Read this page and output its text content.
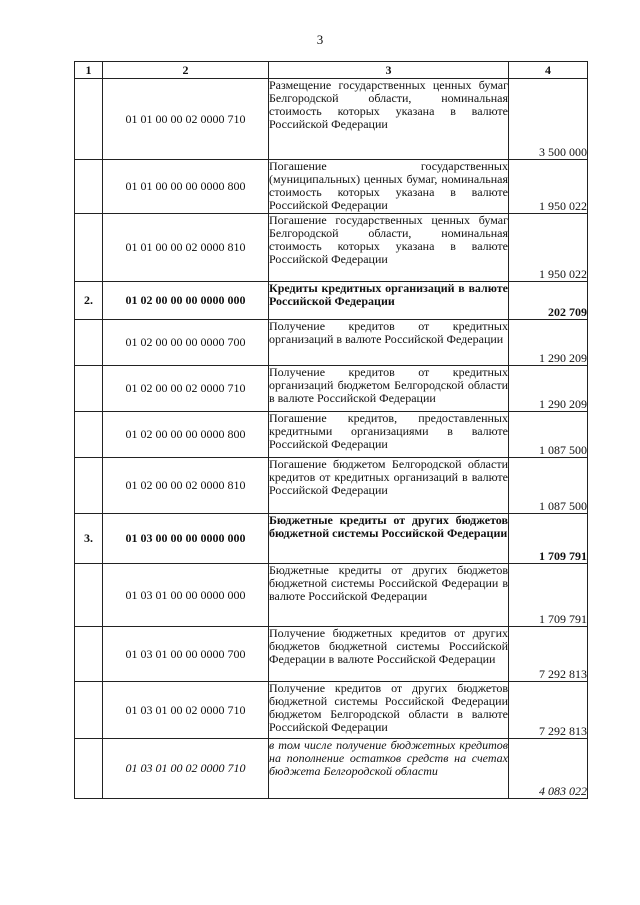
3
1	2	3	4
	01 01 00 00 02 0000 710	Размещение государственных ценных бумаг Белгородской области, номинальная стоимость которых указана в валюте Российской Федерации	3 500 000
	01 01 00 00 00 0000 800	Погашение государственных (муниципальных) ценных бумаг, номинальная стоимость которых указана в валюте Российской Федерации	1 950 022
	01 01 00 00 02 0000 810	Погашение государственных ценных бумаг Белгородской области, номинальная стоимость которых указана в валюте Российской Федерации	1 950 022
2.	01 02 00 00 00 0000 000	Кредиты кредитных организаций в валюте Российской Федерации	202 709
	01 02 00 00 00 0000 700	Получение кредитов от кредитных организаций в валюте Российской Федерации	1 290 209
	01 02 00 00 02 0000 710	Получение кредитов от кредитных организаций бюджетом Белгородской области в валюте Российской Федерации	1 290 209
	01 02 00 00 00 0000 800	Погашение кредитов, предоставленных кредитными организациями в валюте Российской Федерации	1 087 500
	01 02 00 00 02 0000 810	Погашение бюджетом Белгородской области кредитов от кредитных организаций в валюте Российской Федерации	1 087 500
3.	01 03 00 00 00 0000 000	Бюджетные кредиты от других бюджетов бюджетной системы Российской Федерации	1 709 791
	01 03 01 00 00 0000 000	Бюджетные кредиты от других бюджетов бюджетной системы Российской Федерации в валюте Российской Федерации	1 709 791
	01 03 01 00 00 0000 700	Получение бюджетных кредитов от других бюджетов бюджетной системы Российской Федерации в валюте Российской Федерации	7 292 813
	01 03 01 00 02 0000 710	Получение кредитов от других бюджетов бюджетной системы Российской Федерации бюджетом Белгородской области в валюте Российской Федерации	7 292 813
	01 03 01 00 02 0000 710	в том числе получение бюджетных кредитов на пополнение остатков средств на счетах бюджета Белгородской области	4 083 022
